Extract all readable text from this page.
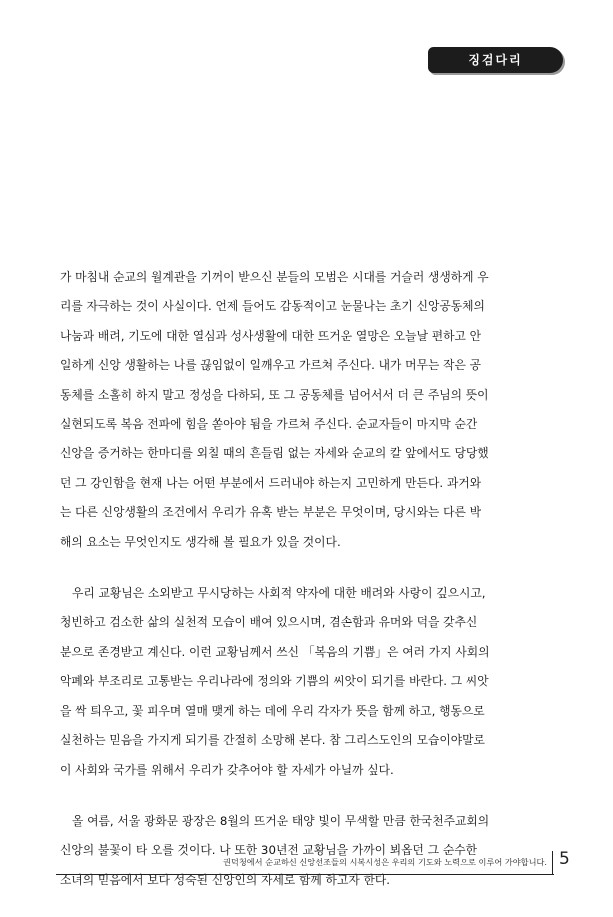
징검다리

가 마침내 순교의 월계관을 기꺼이 받으신 분들의 모범은 시대를 거슬러 생생하게 우
리를 자극하는 것이 사실이다. 언제 들어도 감동적이고 눈물나는 초기 신앙공동체의
나눔과 배려, 기도에 대한 열심과 성사생활에 대한 뜨거운 열망은 오늘날 편하고 안
일하게 신앙 생활하는 나를 끊임없이 일깨우고 가르쳐 주신다. 내가 머무는 작은 공
동체를 소홀히 하지 말고 정성을 다하되, 또 그 공동체를 넘어서서 더 큰 주님의 뜻이
실현되도록 복음 전파에 힘을 쏟아야 됨을 가르쳐 주신다. 순교자들이 마지막 순간
신앙을 증거하는 한마디를 외칠 때의 흔들림 없는 자세와 순교의 칼 앞에서도 당당했
던 그 강인함을 현재 나는 어떤 부분에서 드러내야 하는지 고민하게 만든다. 과거와
는 다른 신앙생활의 조건에서 우리가 유혹 받는 부분은 무엇이며, 당시와는 다른 박
해의 요소는 무엇인지도 생각해 볼 필요가 있을 것이다.

우리 교황님은 소외받고 무시당하는 사회적 약자에 대한 배려와 사랑이 깊으시고,
청빈하고 검소한 삶의 실천적 모습이 배여 있으시며, 겸손함과 유머와 덕을 갖추신
분으로 존경받고 계신다. 이런 교황님께서 쓰신 「복음의 기쁨」은 여러 가지 사회의
악폐와 부조리로 고통받는 우리나라에 정의와 기쁨의 씨앗이 되기를 바란다. 그 씨앗
을 싹 틔우고, 꽃 피우며 열매 맺게 하는 데에 우리 각자가 뜻을 함께 하고, 행동으로
실천하는 믿음을 가지게 되기를 간절히 소망해 본다. 참 그리스도인의 모습이야말로
이 사회와 국가를 위해서 우리가 갖추어야 할 자세가 아닐까 싶다.

올 여름, 서울 광화문 광장은 8월의 뜨거운 태양 빛이 무색할 만큼 한국천주교회의
신앙의 불꽃이 타 오를 것이다. 나 또한 30년전 교황님을 가까이 뵈옵던 그 순수한
소녀의 믿음에서 보다 성숙된 신앙인의 자세로 함께 하고자 한다.

권덕청에서 순교하신 신앙선조들의 시복시성은 우리의 기도와 노력으로 이루어 가야합니다. 5
